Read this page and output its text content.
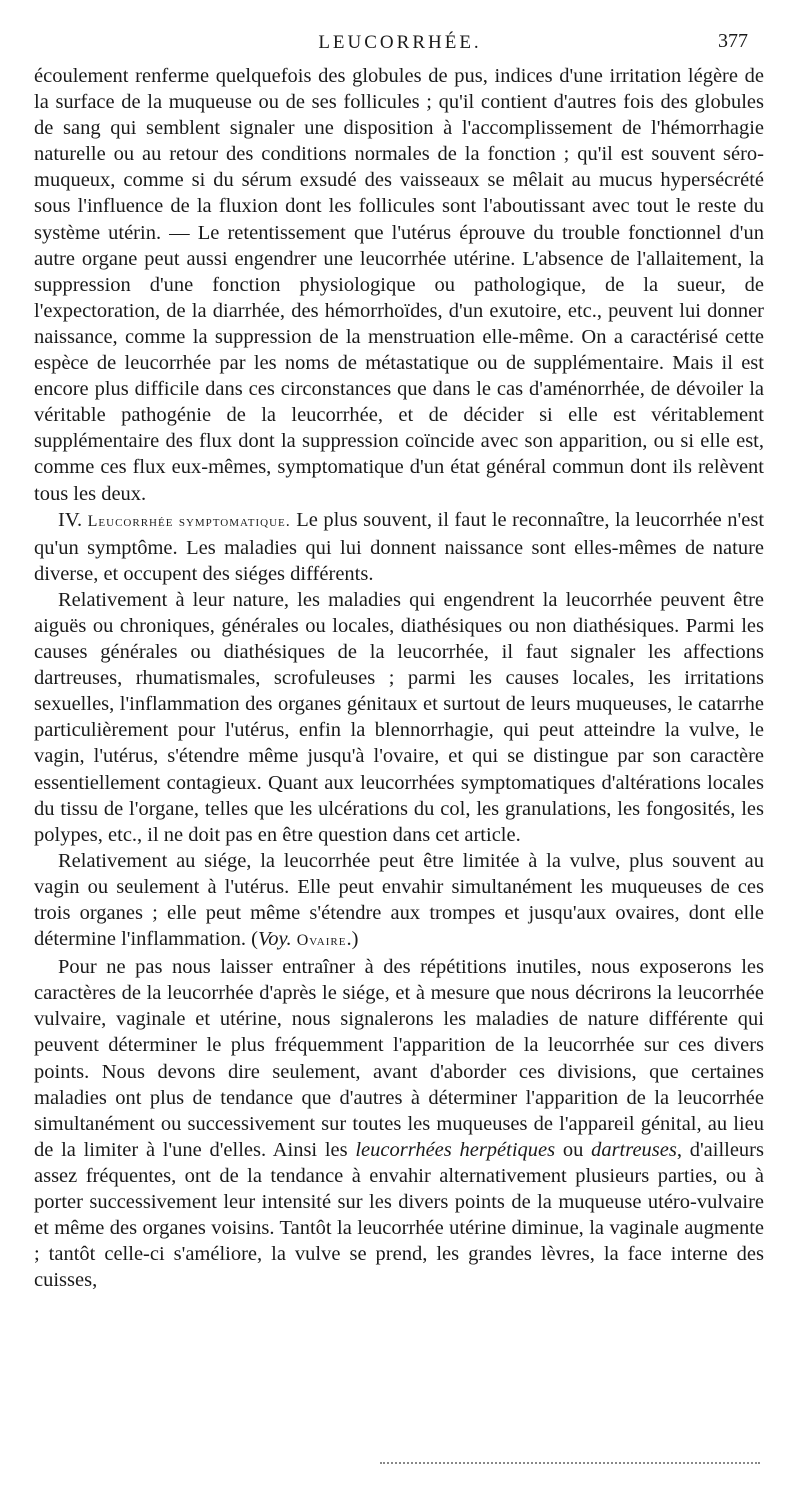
LEUCORRHÉE.	377

écoulement renferme quelquefois des globules de pus, indices d'une irritation légère de la surface de la muqueuse ou de ses follicules ; qu'il contient d'autres fois des globules de sang qui semblent signaler une disposition à l'accomplissement de l'hémorrhagie naturelle ou au retour des conditions normales de la fonction ; qu'il est souvent séro-muqueux, comme si du sérum exsudé des vaisseaux se mêlait au mucus hypersécrété sous l'influence de la fluxion dont les follicules sont l'aboutissant avec tout le reste du système utérin. — Le retentissement que l'utérus éprouve du trouble fonctionnel d'un autre organe peut aussi engendrer une leucorrhée utérine. L'absence de l'allaitement, la suppression d'une fonction physiologique ou pathologique, de la sueur, de l'expectoration, de la diarrhée, des hémorrhoïdes, d'un exutoire, etc., peuvent lui donner naissance, comme la suppression de la menstruation elle-même. On a caractérisé cette espèce de leucorrhée par les noms de métastatique ou de supplémentaire. Mais il est encore plus difficile dans ces circonstances que dans le cas d'aménorrhée, de dévoiler la véritable pathogénie de la leucorrhée, et de décider si elle est véritablement supplémentaire des flux dont la suppression coïncide avec son apparition, ou si elle est, comme ces flux eux-mêmes, symptomatique d'un état général commun dont ils relèvent tous les deux.

IV. Leucorrhée symptomatique. Le plus souvent, il faut le reconnaître, la leucorrhée n'est qu'un symptôme. Les maladies qui lui donnent naissance sont elles-mêmes de nature diverse, et occupent des siéges différents.

Relativement à leur nature, les maladies qui engendrent la leucorrhée peuvent être aiguës ou chroniques, générales ou locales, diathésiques ou non diathésiques. Parmi les causes générales ou diathésiques de la leucorrhée, il faut signaler les affections dartreuses, rhumatismales, scrofuleuses ; parmi les causes locales, les irritations sexuelles, l'inflammation des organes génitaux et surtout de leurs muqueuses, le catarrhe particulièrement pour l'utérus, enfin la blennorrhagie, qui peut atteindre la vulve, le vagin, l'utérus, s'étendre même jusqu'à l'ovaire, et qui se distingue par son caractère essentiellement contagieux. Quant aux leucorrhées symptomatiques d'altérations locales du tissu de l'organe, telles que les ulcérations du col, les granulations, les fongosités, les polypes, etc., il ne doit pas en être question dans cet article.

Relativement au siége, la leucorrhée peut être limitée à la vulve, plus souvent au vagin ou seulement à l'utérus. Elle peut envahir simultanément les muqueuses de ces trois organes ; elle peut même s'étendre aux trompes et jusqu'aux ovaires, dont elle détermine l'inflammation. (Voy. Ovaire.)

Pour ne pas nous laisser entraîner à des répétitions inutiles, nous exposerons les caractères de la leucorrhée d'après le siége, et à mesure que nous décrirons la leucorrhée vulvaire, vaginale et utérine, nous signalerons les maladies de nature différente qui peuvent déterminer le plus fréquemment l'apparition de la leucorrhée sur ces divers points. Nous devons dire seulement, avant d'aborder ces divisions, que certaines maladies ont plus de tendance que d'autres à déterminer l'apparition de la leucorrhée simultanément ou successivement sur toutes les muqueuses de l'appareil génital, au lieu de la limiter à l'une d'elles. Ainsi les leucorrhées herpétiques ou dartreuses, d'ailleurs assez fréquentes, ont de la tendance à envahir alternativement plusieurs parties, ou à porter successivement leur intensité sur les divers points de la muqueuse utéro-vulvaire et même des organes voisins. Tantôt la leucorrhée utérine diminue, la vaginale augmente ; tantôt celle-ci s'améliore, la vulve se prend, les grandes lèvres, la face interne des cuisses,
